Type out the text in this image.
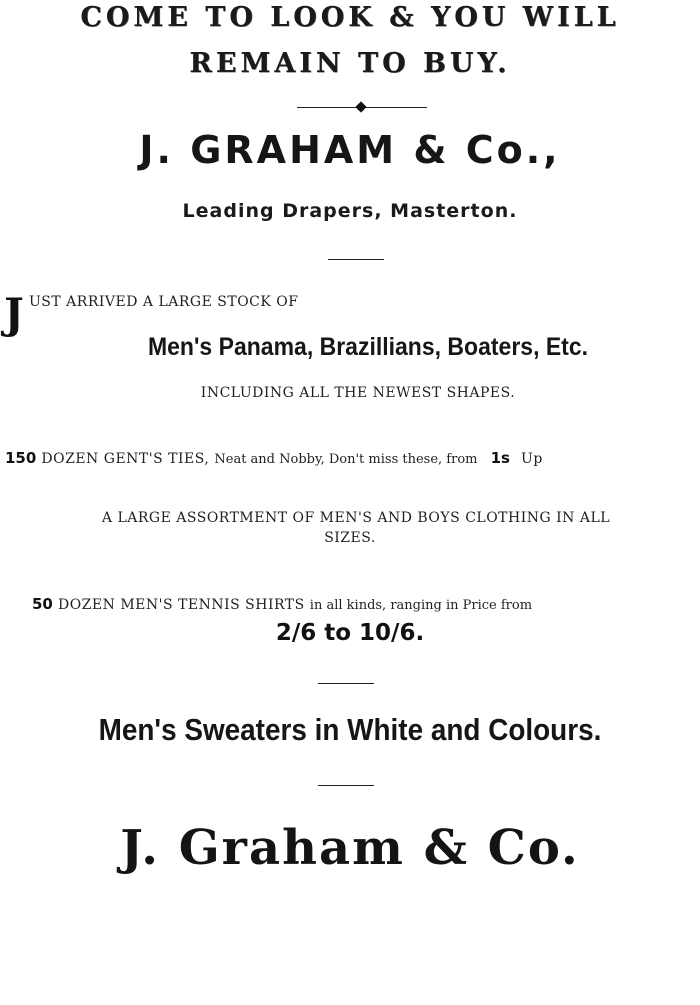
COME TO LOOK & YOU WILL
REMAIN TO BUY.
J. GRAHAM & Co.,
Leading Drapers, Masterton.
J UST ARRIVED A LARGE STOCK OF
Men's Panama, Brazillians, Boaters, Etc.
INCLUDING ALL THE NEWEST SHAPES.
150 DOZEN GENT'S TIES, Neat and Nobby, Don't miss these, from 1s Up
A LARGE ASSORTMENT OF MEN'S AND BOYS CLOTHING IN ALL
SIZES.
50 DOZEN MEN'S TENNIS SHIRTS in all kinds, ranging in Price from
2/6 to 10/6.
Men's Sweaters in White and Colours.
J. Graham & Co.
